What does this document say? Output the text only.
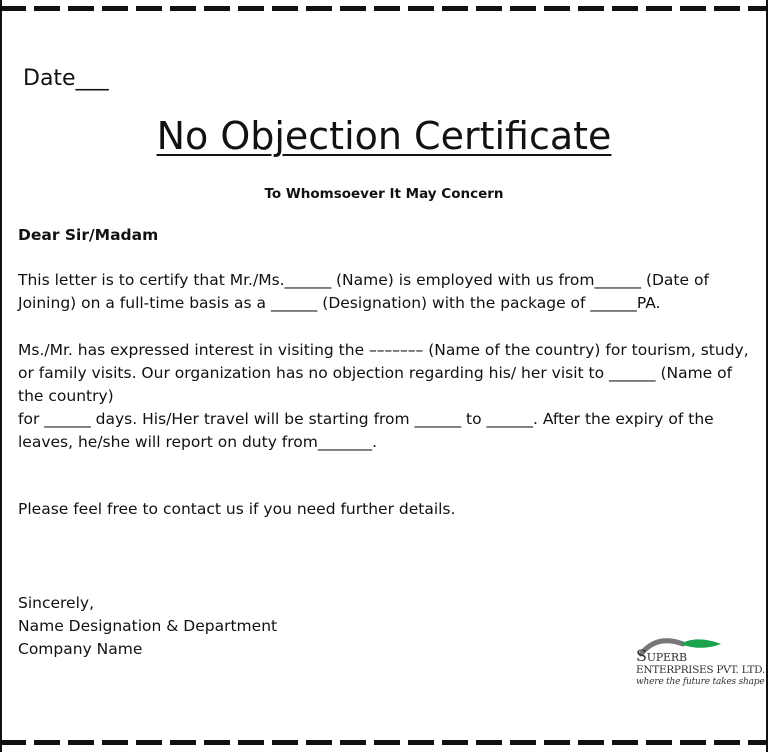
Date___
No Objection Certificate
To Whomsoever It May Concern
Dear Sir/Madam
This letter is to certify that Mr./Ms.______ (Name) is employed with us from______ (Date of Joining) on a full-time basis as a ______ (Designation) with the package of ______PA.
Ms./Mr. has expressed interest in visiting the ––––––– (Name of the country) for tourism, study, or family visits. Our organization has no objection regarding his/ her visit to ______ (Name of the country)
for ______ days. His/Her travel will be starting from ______ to ______. After the expiry of the leaves, he/she will report on duty from_______.
Please feel free to contact us if you need further details.
Sincerely,
Name Designation & Department
Company Name	SUPERB
ENTERPRISES PVT. LTD.
where the future takes shape
